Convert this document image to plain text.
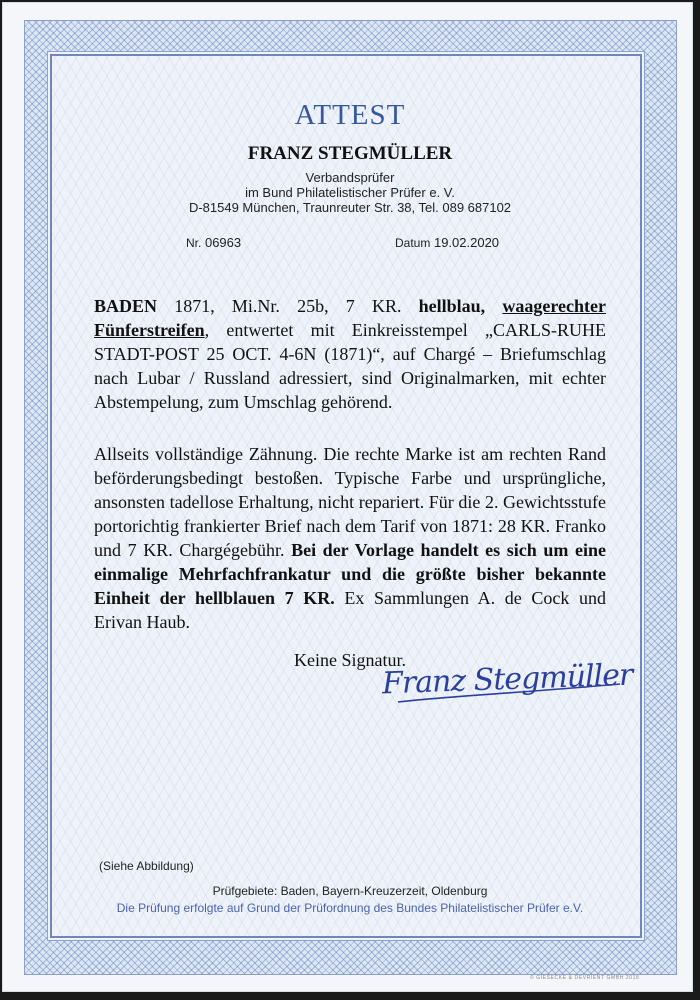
ATTEST
FRANZ STEGMÜLLER
Verbandsprüfer
im Bund Philatelistischer Prüfer e. V.
D-81549 München, Traunreuter Str. 38, Tel. 089 687102
Nr. 06963	Datum 19.02.2020

BADEN 1871, Mi.Nr. 25b, 7 KR. hellblau, waagerechter Fünferstreifen, entwertet mit Einkreisstempel „CARLS-RUHE STADT-POST 25 OCT. 4-6N (1871)“, auf Chargé – Briefumschlag nach Lubar / Russland adressiert, sind Originalmarken, mit echter Abstempelung, zum Umschlag gehörend.

Allseits vollständige Zähnung. Die rechte Marke ist am rechten Rand beförderungsbedingt bestoßen. Typische Farbe und ursprüngliche, ansonsten tadellose Erhaltung, nicht repariert. Für die 2. Gewichtsstufe portorichtig frankierter Brief nach dem Tarif von 1871: 28 KR. Franko und 7 KR. Chargégebühr. Bei der Vorlage handelt es sich um eine einmalige Mehrfachfrankatur und die größte bisher bekannte Einheit der hellblauen 7 KR. Ex Sammlungen A. de Cock und Erivan Haub.

Keine Signatur.
Franz Stegmüller
(Siehe Abbildung)
Prüfgebiete: Baden, Bayern-Kreuzerzeit, Oldenburg
Die Prüfung erfolgte auf Grund der Prüfordnung des Bundes Philatelistischer Prüfer e.V.
© GIESECKE & DEVRIENT GMBH 2018
